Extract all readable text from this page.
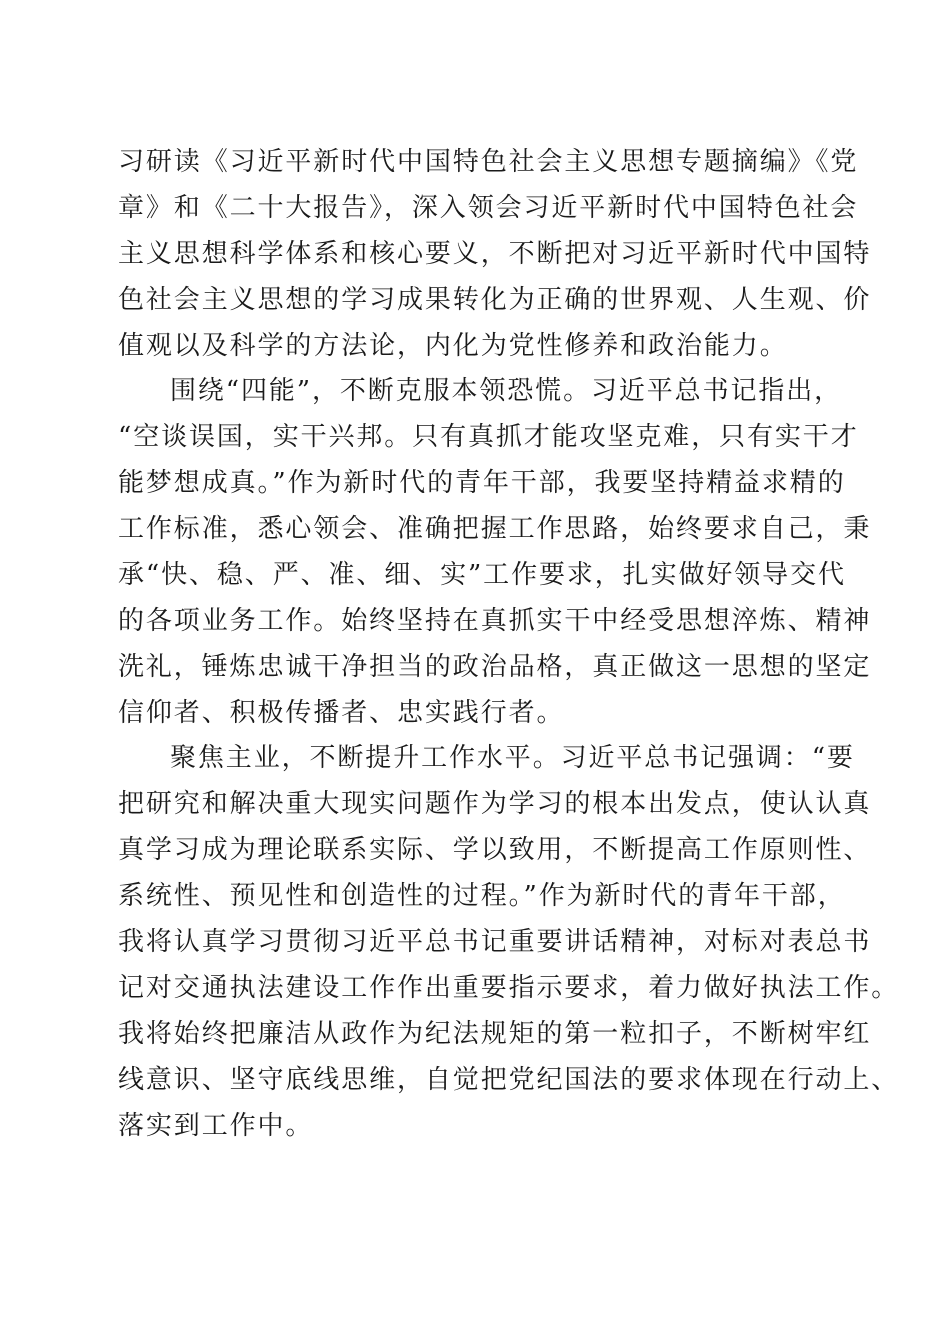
习研读《习近平新时代中国特色社会主义思想专题摘编》《党
章》和《二十大报告》，深入领会习近平新时代中国特色社会
主义思想科学体系和核心要义，不断把对习近平新时代中国特
色社会主义思想的学习成果转化为正确的世界观、人生观、价
值观以及科学的方法论，内化为党性修养和政治能力。
围绕“四能”，不断克服本领恐慌。习近平总书记指出，
“空谈误国，实干兴邦。只有真抓才能攻坚克难，只有实干才
能梦想成真。”作为新时代的青年干部，我要坚持精益求精的
工作标准，悉心领会、准确把握工作思路，始终要求自己，秉
承“快、稳、严、准、细、实”工作要求，扎实做好领导交代
的各项业务工作。始终坚持在真抓实干中经受思想淬炼、精神
洗礼，锤炼忠诚干净担当的政治品格，真正做这一思想的坚定
信仰者、积极传播者、忠实践行者。
聚焦主业，不断提升工作水平。习近平总书记强调：“要
把研究和解决重大现实问题作为学习的根本出发点，使认认真
真学习成为理论联系实际、学以致用，不断提高工作原则性、
系统性、预见性和创造性的过程。”作为新时代的青年干部，
我将认真学习贯彻习近平总书记重要讲话精神，对标对表总书
记对交通执法建设工作作出重要指示要求，着力做好执法工作。
我将始终把廉洁从政作为纪法规矩的第一粒扣子，不断树牢红
线意识、坚守底线思维，自觉把党纪国法的要求体现在行动上、
落实到工作中。
